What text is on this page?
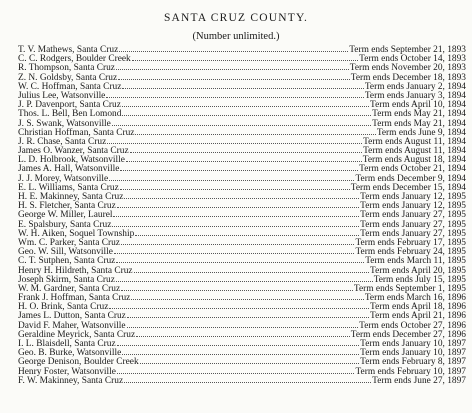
SANTA CRUZ COUNTY.
(Number unlimited.)
T. V. Mathews, Santa Cruz	Term ends September 21, 1893
C. C. Rodgers, Boulder Creek	Term ends October 14, 1893
R. Thompson, Santa Cruz	Term ends November 20, 1893
Z. N. Goldsby, Santa Cruz	Term ends December 18, 1893
W. C. Hoffman, Santa Cruz	Term ends January 2, 1894
Julius Lee, Watsonville	Term ends January 3, 1894
J. P. Davenport, Santa Cruz	Term ends April 10, 1894
Thos. L. Bell, Ben Lomond	Term ends May 21, 1894
J. S. Swank, Watsonville	Term ends May 21, 1894
Christian Hoffman, Santa Cruz	Term ends June 9, 1894
J. R. Chase, Santa Cruz	Term ends August 11, 1894
James O. Wanzer, Santa Cruz	Term ends August 11, 1894
L. D. Holbrook, Watsonville	Term ends August 18, 1894
James A. Hall, Watsonville	Term ends October 21, 1894
J. J. Morey, Watsonville	Term ends December 9, 1894
E. L. Williams, Santa Cruz	Term ends December 15, 1894
H. E. Makinney, Santa Cruz	Term ends January 12, 1895
H. S. Fletcher, Santa Cruz	Term ends January 12, 1895
George W. Miller, Laurel	Term ends January 27, 1895
E. Spalsbury, Santa Cruz	Term ends January 27, 1895
W. H. Aiken, Soquel Township	Term ends January 27, 1895
Wm. C. Parker, Santa Cruz	Term ends February 17, 1895
Geo. W. Sill, Watsonville	Term ends February 24, 1895
C. T. Sutphen, Santa Cruz	Term ends March 11, 1895
Henry H. Hildreth, Santa Cruz	Term ends April 20, 1895
Joseph Skirm, Santa Cruz	Term ends July 15, 1895
W. M. Gardner, Santa Cruz	Term ends September 1, 1895
Frank J. Hoffman, Santa Cruz	Term ends March 16, 1896
H. O. Brink, Santa Cruz	Term ends April 18, 1896
James L. Dutton, Santa Cruz	Term ends April 21, 1896
David F. Maher, Watsonville	Term ends October 27, 1896
Geraldine Meyrick, Santa Cruz	Term ends December 27, 1896
I. L. Blaisdell, Santa Cruz	Term ends January 10, 1897
Geo. B. Burke, Watsonville	Term ends January 10, 1897
George Denison, Boulder Creek	Term ends February 8, 1897
Henry Foster, Watsonville	Term ends February 10, 1897
F. W. Makinney, Santa Cruz	Term ends June 27, 1897
